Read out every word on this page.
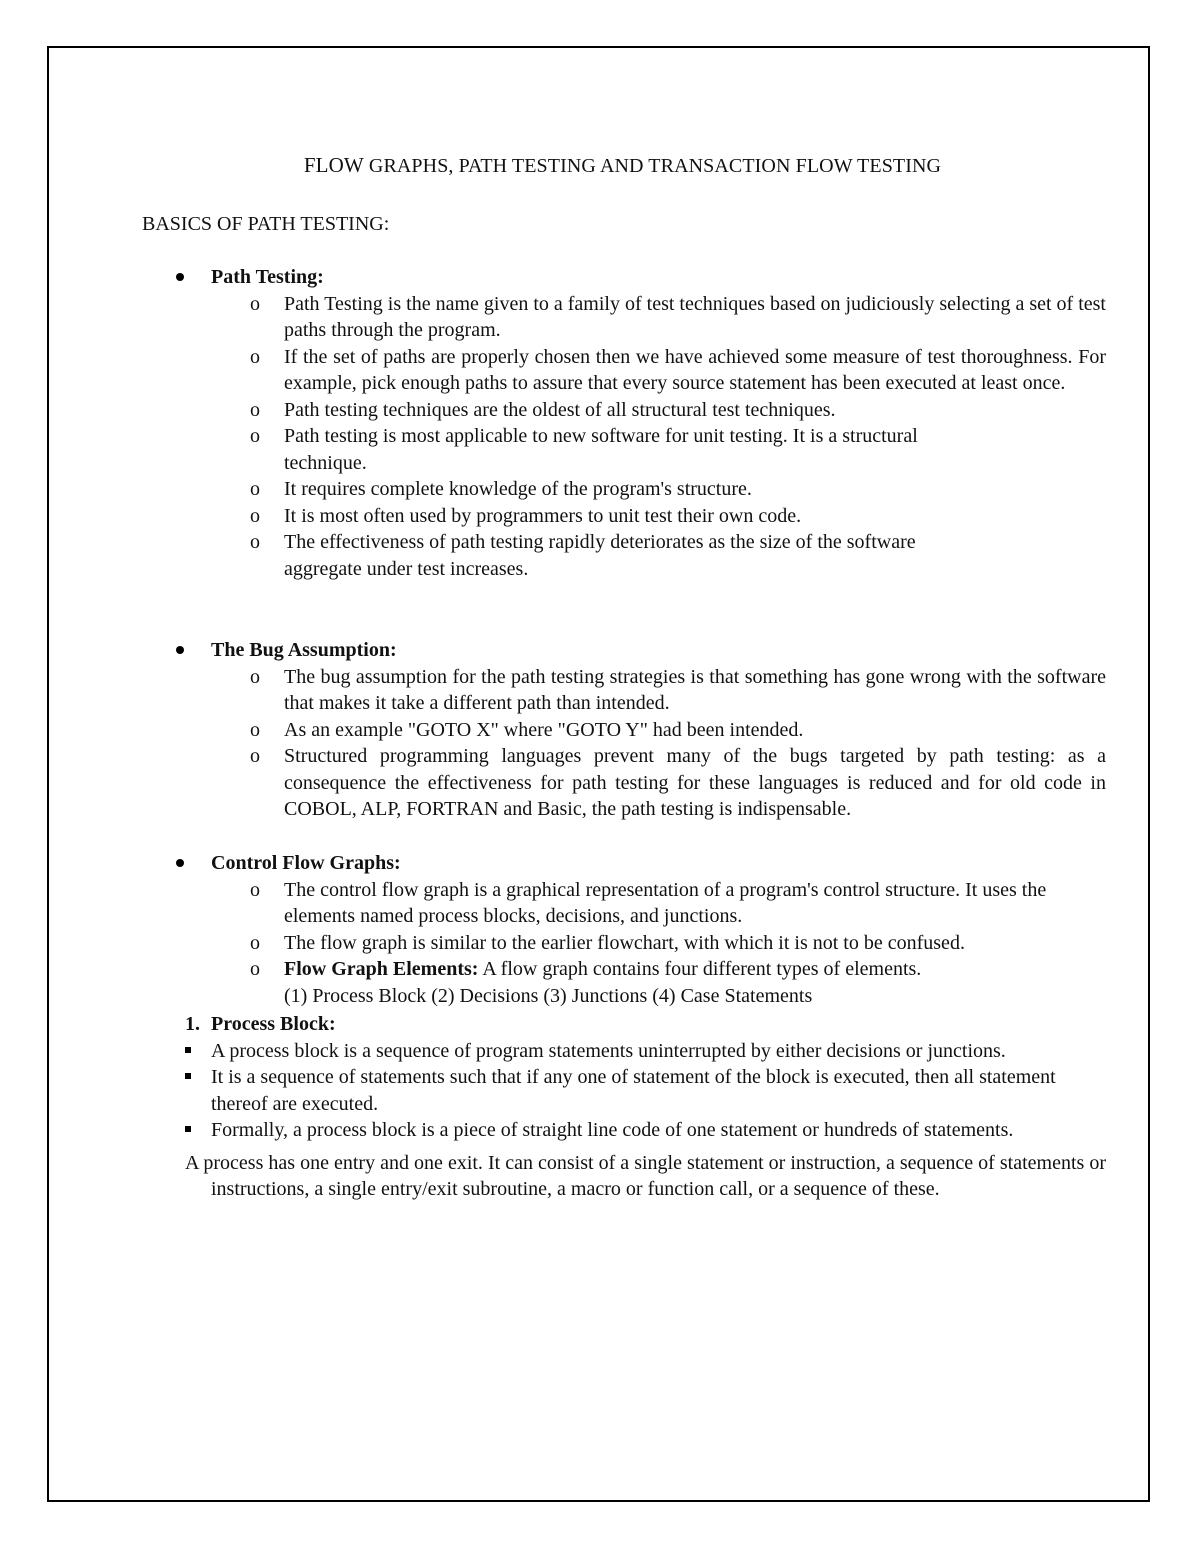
FLOW GRAPHS, PATH TESTING AND TRANSACTION FLOW TESTING
BASICS OF PATH TESTING:
Path Testing:
o Path Testing is the name given to a family of test techniques based on judiciously selecting a set of test paths through the program.
o If the set of paths are properly chosen then we have achieved some measure of test thoroughness. For example, pick enough paths to assure that every source statement has been executed at least once.
o Path testing techniques are the oldest of all structural test techniques.
o Path testing is most applicable to new software for unit testing. It is a structural technique.
o It requires complete knowledge of the program's structure.
o It is most often used by programmers to unit test their own code.
o The effectiveness of path testing rapidly deteriorates as the size of the software aggregate under test increases.
The Bug Assumption:
o The bug assumption for the path testing strategies is that something has gone wrong with the software that makes it take a different path than intended.
o As an example "GOTO X" where "GOTO Y" had been intended.
o Structured programming languages prevent many of the bugs targeted by path testing: as a consequence the effectiveness for path testing for these languages is reduced and for old code in COBOL, ALP, FORTRAN and Basic, the path testing is indispensable.
Control Flow Graphs:
o The control flow graph is a graphical representation of a program's control structure. It uses the elements named process blocks, decisions, and junctions.
o The flow graph is similar to the earlier flowchart, with which it is not to be confused.
o Flow Graph Elements: A flow graph contains four different types of elements.
(1) Process Block (2) Decisions (3) Junctions (4) Case Statements
1. Process Block:
A process block is a sequence of program statements uninterrupted by either decisions or junctions.
It is a sequence of statements such that if any one of statement of the block is executed, then all statement thereof are executed.
Formally, a process block is a piece of straight line code of one statement or hundreds of statements.
A process has one entry and one exit. It can consist of a single statement or instruction, a sequence of statements or instructions, a single entry/exit subroutine, a macro or function call, or a sequence of these.
